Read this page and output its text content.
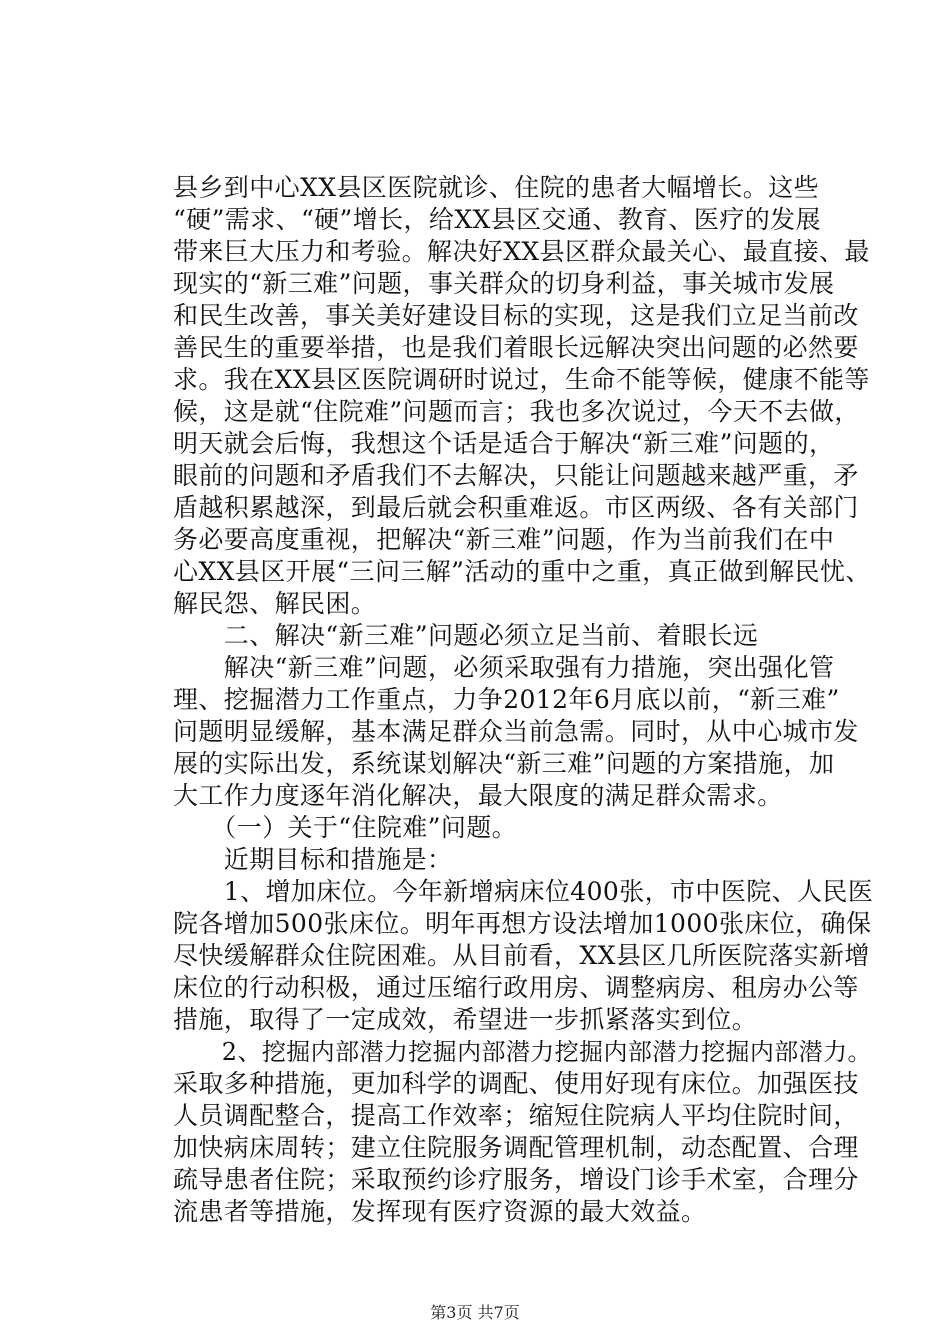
县乡到中心XX县区医院就诊、住院的患者大幅增长。这些
“硬”需求、“硬”增长，给XX县区交通、教育、医疗的发展
带来巨大压力和考验。解决好XX县区群众最关心、最直接、最
现实的“新三难”问题，事关群众的切身利益，事关城市发展
和民生改善，事关美好建设目标的实现，这是我们立足当前改
善民生的重要举措，也是我们着眼长远解决突出问题的必然要
求。我在XX县区医院调研时说过，生命不能等候，健康不能等
候，这是就“住院难”问题而言；我也多次说过，今天不去做，
明天就会后悔，我想这个话是适合于解决“新三难”问题的，
眼前的问题和矛盾我们不去解决，只能让问题越来越严重，矛
盾越积累越深，到最后就会积重难返。市区两级、各有关部门
务必要高度重视，把解决“新三难”问题，作为当前我们在中
心XX县区开展“三问三解”活动的重中之重，真正做到解民忧、
解民怨、解民困。
　　二、解决“新三难”问题必须立足当前、着眼长远
　　解决“新三难”问题，必须采取强有力措施，突出强化管
理、挖掘潜力工作重点，力争2012年6月底以前，“新三难”
问题明显缓解，基本满足群众当前急需。同时，从中心城市发
展的实际出发，系统谋划解决“新三难”问题的方案措施，加
大工作力度逐年消化解决，最大限度的满足群众需求。
　　（一）关于“住院难”问题。
　　近期目标和措施是：
　　1、增加床位。今年新增病床位400张，市中医院、人民医
院各增加500张床位。明年再想方设法增加1000张床位，确保
尽快缓解群众住院困难。从目前看，XX县区几所医院落实新增
床位的行动积极，通过压缩行政用房、调整病房、租房办公等
措施，取得了一定成效，希望进一步抓紧落实到位。
　　2、挖掘内部潜力挖掘内部潜力挖掘内部潜力挖掘内部潜力。
采取多种措施，更加科学的调配、使用好现有床位。加强医技
人员调配整合，提高工作效率；缩短住院病人平均住院时间，
加快病床周转；建立住院服务调配管理机制，动态配置、合理
疏导患者住院；采取预约诊疗服务，增设门诊手术室，合理分
流患者等措施，发挥现有医疗资源的最大效益。
第3页 共7页
